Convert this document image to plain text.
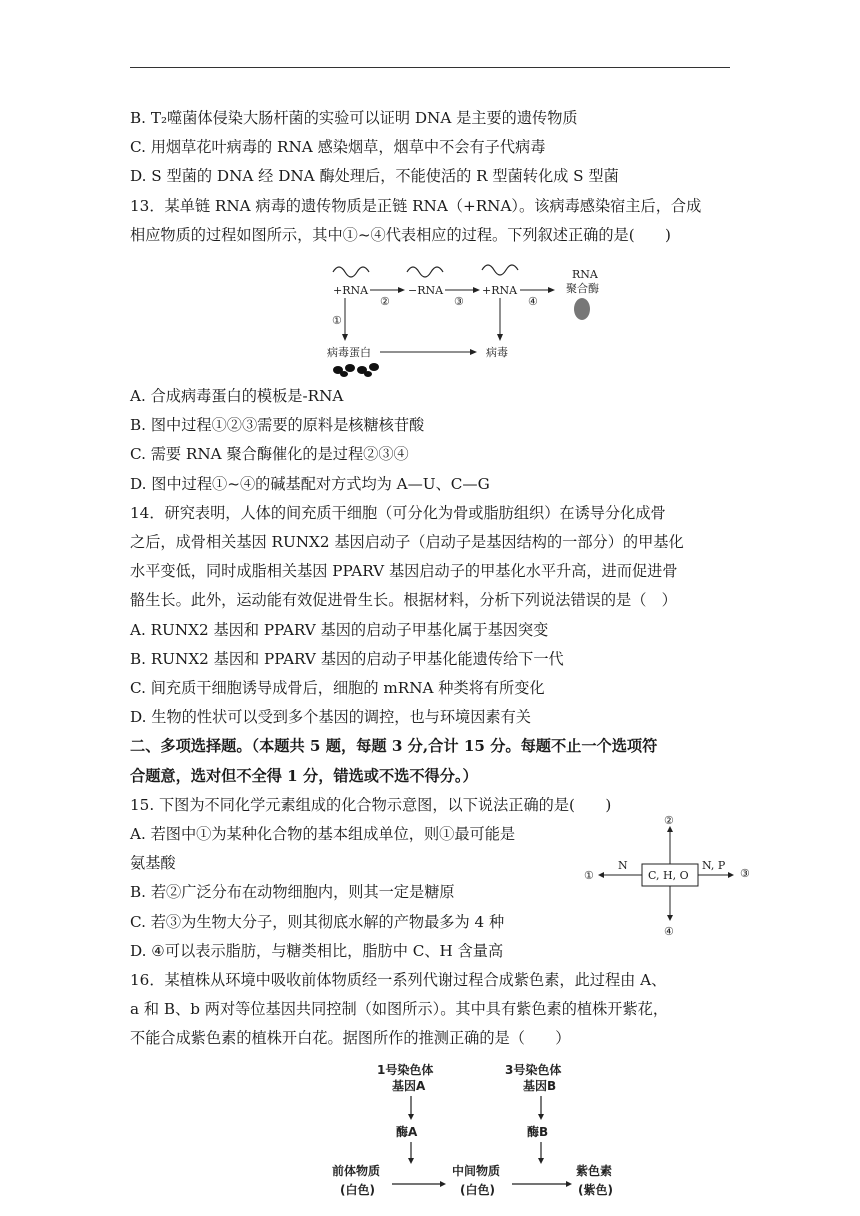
B. T₂噬菌体侵染大肠杆菌的实验可以证明 DNA 是主要的遗传物质
C. 用烟草花叶病毒的 RNA 感染烟草，烟草中不会有子代病毒
D. S 型菌的 DNA 经 DNA 酶处理后，不能使活的 R 型菌转化成 S 型菌
13．某单链 RNA 病毒的遗传物质是正链 RNA（+RNA）。该病毒感染宿主后，合成
相应物质的过程如图所示，其中①~④代表相应的过程。下列叙述正确的是(　　)
+RNA
②
−RNA
③
+RNA
④
RNA
聚合酶
①
病毒蛋白	病毒
A. 合成病毒蛋白的模板是-RNA
B. 图中过程①②③需要的原料是核糖核苷酸
C. 需要 RNA 聚合酶催化的是过程②③④
D. 图中过程①~④的碱基配对方式均为 A—U、C—G
14．研究表明，人体的间充质干细胞（可分化为骨或脂肪组织）在诱导分化成骨
之后，成骨相关基因 RUNX2 基因启动子（启动子是基因结构的一部分）的甲基化
水平变低，同时成脂相关基因 PPARV 基因启动子的甲基化水平升高，进而促进骨
骼生长。此外，运动能有效促进骨生长。根据材料，分析下列说法错误的是（　）
A. RUNX2 基因和 PPARV 基因的启动子甲基化属于基因突变
B. RUNX2 基因和 PPARV 基因的启动子甲基化能遗传给下一代
C. 间充质干细胞诱导成骨后，细胞的 mRNA 种类将有所变化
D. 生物的性状可以受到多个基因的调控，也与环境因素有关
二、多项选择题。（本题共 5 题，每题 3 分,合计 15 分。每题不止一个选项符
合题意，选对但不全得 1 分，错选或不选不得分。）
15. 下图为不同化学元素组成的化合物示意图，以下说法正确的是(　　)
A. 若图中①为某种化合物的基本组成单位，则①最可能是
氨基酸
B. 若②广泛分布在动物细胞内，则其一定是糖原
C. 若③为生物大分子，则其彻底水解的产物最多为 4 种
D. ④可以表示脂肪，与糖类相比，脂肪中 C、H 含量高
C, H, O
②
④
①
N	N, P
③
16．某植株从环境中吸收前体物质经一系列代谢过程合成紫色素，此过程由 A、
a 和 B、b 两对等位基因共同控制（如图所示）。其中具有紫色素的植株开紫花，
不能合成紫色素的植株开白花。据图所作的推测正确的是（　　）
1号染色体
基因A
酶A
3号染色体
基因B
酶B
前体物质
(白色)
中间物质
(白色)
紫色素
(紫色)
